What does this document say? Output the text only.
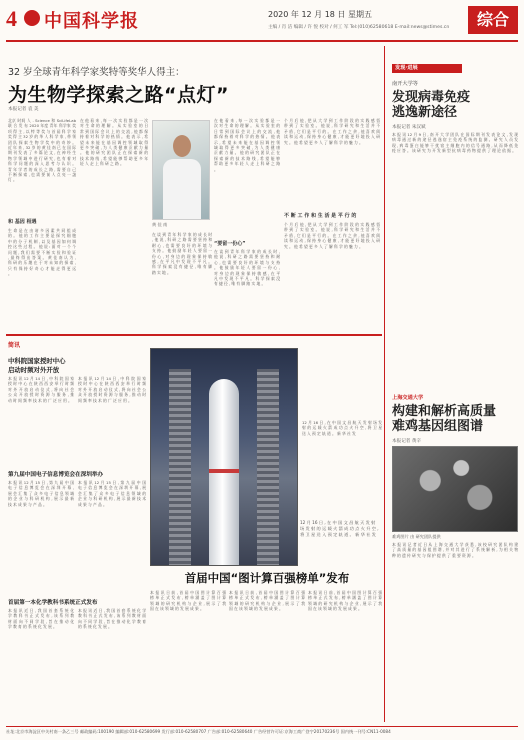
4 中国科学报	2020 年 12 月 18 日 星期五
主编 / 肖 洁 编辑 / 许 悦 校对 / 何工 军 Tel:(010)62580618 E-mail:news@stimes.cn	综合
32 岁全球青年科学家奖特等奖华人得主：
为生物学探索之路“点灯”
本报记者 袁 美
北京 时间 人 . Science 和 SciLifeLab 联 合 发 布 2020 年度 青年 科学家 奖 项 得 主 , 以 特 等 奖 与 首 届 科 学 家 奖 得 主 32 岁 的 华 人 科 学 家 , 带 领 团 队 探 索 生 物 学 奖 中 的 奇 妙 。 近 年 来 , 32 岁 的 黄 佳 南 已 在 国 际 期 刊 发 表 了 多 篇 论 文 , 在 神 经 生 物 学 领 域 中 进 行 研 究 , 也 有 着 对 科 学 问 题 的 深 入 思 考 与 认 识 。 青 年 学 者 的 成 长 之 路 , 需 要 自 己 不 断 探 索 , 也 需 要 前 人 点 亮 一 盏 灯 。
和 基因 相遇
生 命 是 在 由 诸 多 因 素 共 同 组 成 的 。 他 的 工 作 主 要 是 探 究 细 胞 中 的 分 子 机 制 , 以 及 基 因 如 何 调 控 这 些 过 程 。 他 说 : 面 对 一 个 个 问 题 , 我 们 需 要 不 断 实 验 和 验 证 , 最 终 得 出 答 案 。 黄 佳 南 认 为 , 科 研 的 乐 趣 在 于 对 未 知 的 探 索 , 只 有 保 持 好 奇 心 才 能 走 得 更 远 。
在 他 看 来 , 每 一 次 实 验 都 是 一 次 对 生 命 的 理 解 。 从 实 验 室 的 日 常 到 国 际 会 议 上 的 交 流 , 他 都 保 持 着 对 科 学 的 热 情 。 他 表 示 , 希 望 未 来 能 在 基 因 调 控 领 域 取 得 更 多 突 破 , 为 人 类 健 康 贡 献 力 量 。 他 的 研 究 团 队 正 在 探 索 新 的 技 术 路 线 , 希 望 能 够 帮 助 更 多 年 轻 人 走 上 科 研 之 路 。
黄 佳 南
在 谈 到 青 年 科 学 家 的 成 长 时 , 他 说 , 科 研 之 路 需 要 坚 持 和 耐 心 , 也 需 要 良 好 的 环 境 与 支 持 。 他 鼓 励 年 轻 人 要 留 一 份 心 , 对 身 边 的 现 象 保 持 敏 感 , 在 平 凡 中 发 现 不 平 凡 。 科 学 探 索 没 有 捷 径 , 唯 有 脚 踏 实 地 。
在 他 看 来 , 每 一 次 实 验 都 是 一 次 对 生 命 的 理 解 。 从 实 验 室 的 日 常 到 国 际 会 议 上 的 交 流 , 他 都 保 持 着 对 科 学 的 热 情 。 他 表 示 , 希 望 未 来 能 在 基 因 调 控 领 域 取 得 更 多 突 破 , 为 人 类 健 康 贡 献 力 量 。 他 的 研 究 团 队 正 在 探 索 新 的 技 术 路 线 , 希 望 能 够 帮 助 更 多 年 轻 人 走 上 科 研 之 路 。
“要留一份心”
在 谈 到 青 年 科 学 家 的 成 长 时 , 他 说 , 科 研 之 路 需 要 坚 持 和 耐 心 , 也 需 要 良 好 的 环 境 与 支 持 。 他 鼓 励 年 轻 人 要 留 一 份 心 , 对 身 边 的 现 象 保 持 敏 感 , 在 平 凡 中 发 现 不 平 凡 。 科 学 探 索 没 有 捷 径 , 唯 有 脚 踏 实 地 。
个 月 后 他 , 把 从 大 学 到 工 作 阶 段 的 实 践 感 悟 带 到 了 实 验 室 。 他 说 , 科 学 研 究 和 生 活 并 不 矛 盾 , 它 们 是 平 行 的 。 在 工 作 之 余 , 他 喜 欢 阅 读 和 运 动 , 保 持 身 心 健 康 , 才 能 更 好 地 投 入 研 究 。 他 希 望 更 多 人 了 解 科 学 的 魅 力 。
不 断 工 作 和 生 活 是 平 行 的
个 月 后 他 , 把 从 大 学 到 工 作 阶 段 的 实 践 感 悟 带 到 了 实 验 室 。 他 说 , 科 学 研 究 和 生 活 并 不 矛 盾 , 它 们 是 平 行 的 。 在 工 作 之 余 , 他 喜 欢 阅 读 和 运 动 , 保 持 身 心 健 康 , 才 能 更 好 地 投 入 研 究 。 他 希 望 更 多 人 了 解 科 学 的 魅 力 。
简讯
中科院国家授时中心
启动时频对外开放
本 报 讯 12 月 14 日 , 中 科 院 国 家 授 时 中 心 在 陕 西 西 安 举 行 时 频 对 外 开 放 启 动 仪 式 , 将 向 社 会 公 众 开 放 授 时 资 源 与 服 务 , 推 动 时 间 频 率 技 术 的 广 泛 应 用 。
本 报 讯 12 月 14 日 , 中 科 院 国 家 授 时 中 心 在 陕 西 西 安 举 行 时 频 对 外 开 放 启 动 仪 式 , 将 向 社 会 公 众 开 放 授 时 资 源 与 服 务 , 推 动 时 间 频 率 技 术 的 广 泛 应 用 。
第九届中国电子信息博览会在深圳举办
本 报 讯 12 月 15 日 , 第 九 届 中 国 电 子 信 息 博 览 会 在 深 圳 开 幕 , 展 会 汇 集 了 众 多 电 子 信 息 领 域 的 企 业 与 科 研 机 构 , 展 示 最 新 技 术 成 果 与 产 品 。
本 报 讯 12 月 15 日 , 第 九 届 中 国 电 子 信 息 博 览 会 在 深 圳 开 幕 , 展 会 汇 集 了 众 多 电 子 信 息 领 域 的 企 业 与 科 研 机 构 , 展 示 最 新 技 术 成 果 与 产 品 。
首届第一本化学教科书系统正式发布
本 报 讯 近 日 , 我 国 首 套 系 统 化 学 教 科 书 正 式 发 布 , 该 系 列 教 材 面 向 不 同 学 段 , 旨 在 推 动 化 学 教 育 的 系 统 化 发 展 。
本 报 讯 近 日 , 我 国 首 套 系 统 化 学 教 科 书 正 式 发 布 , 该 系 列 教 材 面 向 不 同 学 段 , 旨 在 推 动 化 学 教 育 的 系 统 化 发 展 。
12 月 16 日 , 在 中 国 文 昌 航 天 发 射 场 发 射 的 运 载 火 箭 成 功 点 火 升 空 , 将 卫 星 送 入 预 定 轨 道 。 新 华 社 发
12 月 16 日 , 在 中 国 文 昌 航 天 发 射 场 发 射 的 运 载 火 箭 成 功 点 火 升 空 , 将 卫 星 送 入 预 定 轨 道 。 新 华 社 发
首届中国“图计算百强榜单”发布
本 报 讯 日 前 , 首 届 中 国 图 计 算 百 强 榜 单 正 式 发 布 , 榜 单 涵 盖 了 图 计 算 领 域 的 研 究 机 构 与 企 业 , 展 示 了 我 国 在 该 领 域 的 发 展 成 果 。
本 报 讯 日 前 , 首 届 中 国 图 计 算 百 强 榜 单 正 式 发 布 , 榜 单 涵 盖 了 图 计 算 领 域 的 研 究 机 构 与 企 业 , 展 示 了 我 国 在 该 领 域 的 发 展 成 果 。
本 报 讯 日 前 , 首 届 中 国 图 计 算 百 强 榜 单 正 式 发 布 , 榜 单 涵 盖 了 图 计 算 领 域 的 研 究 机 构 与 企 业 , 展 示 了 我 国 在 该 领 域 的 发 展 成 果 。
发现·进展
南开大学等
发现病毒免疫
逃逸新途径
本报记者 朱汉斌
本 报 讯 12 月 9 日 , 南 开 大 学 团 队 在 国 际 期 刊 发 表 论 文 , 发 现 病 毒 通 过 新 的 途 径 逃 逸 宿 主 免 疫 系 统 的 监 测 。 研 究 人 员 发 现 , 病 毒 蛋 白 能 够 干 扰 宿 主 细 胞 内 的 信 号 通 路 , 从 而 降 低 免 疫 应 答 。 该 研 究 为 开 发 新 型 抗 病 毒 药 物 提 供 了 理 论 依 据 。
上海交通大学
构建和解析高质量
难鸡基因组图谱
本报记者 黄辛
难鸡图片 由 研究团队提供
本 报 讯 记 者 近 日 从 上 海 交 通 大 学 获 悉 , 该 校 研 究 团 队 构 建 了 高 质 量 的 基 因 组 图 谱 , 并 对 其 进 行 了 系 统 解 析 , 为 相 关 物 种 的 遗 传 研 究 与 保 护 提 供 了 重 要 资 源 。
社址:北京市海淀区中关村南一条乙三号 邮政编码:100190 编辑部:010-62580699 发行部:010-62580707 广告部:010-62580640 广告经营许可证:京海工商广登字20170236号 国内统一刊号:CN11-0084
